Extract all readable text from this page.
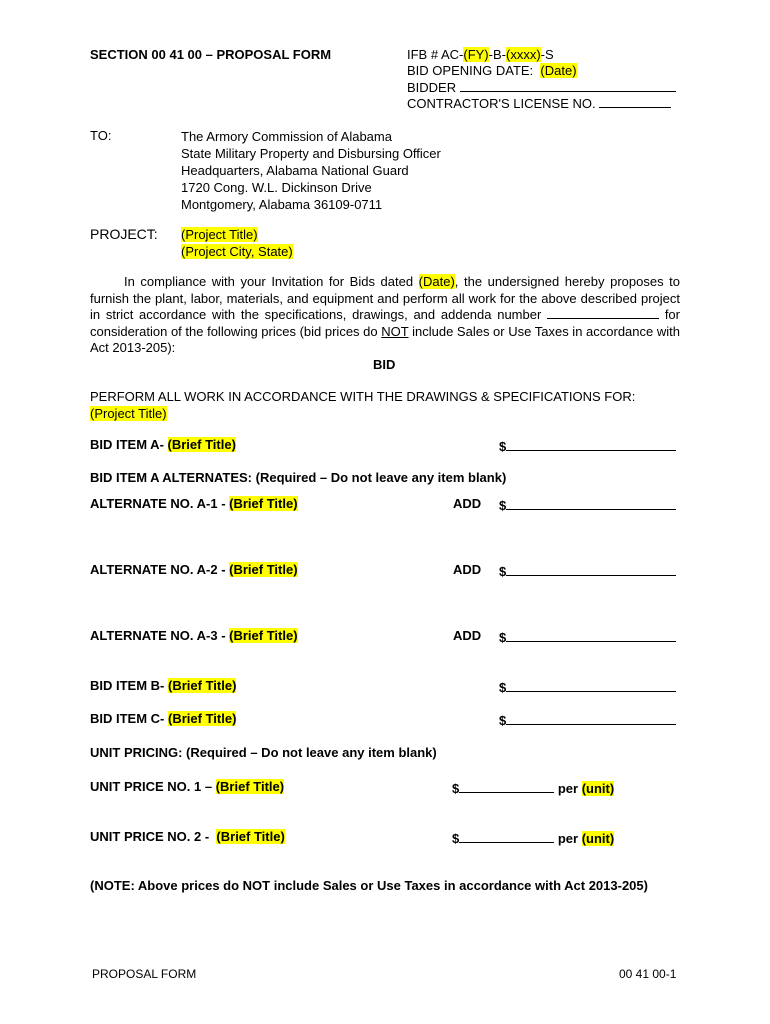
SECTION 00 41 00 – PROPOSAL FORM	IFB # AC-(FY)-B-(xxxx)-S
BID OPENING DATE: (Date)
BIDDER
CONTRACTOR'S LICENSE NO.
TO:	The Armory Commission of Alabama
State Military Property and Disbursing Officer
Headquarters, Alabama National Guard
1720 Cong. W.L. Dickinson Drive
Montgomery, Alabama 36109-0711
PROJECT: (Project Title)
(Project City, State)
In compliance with your Invitation for Bids dated (Date), the undersigned hereby proposes to furnish the plant, labor, materials, and equipment and perform all work for the above described project in strict accordance with the specifications, drawings, and addenda number	for consideration of the following prices (bid prices do NOT include Sales or Use Taxes in accordance with Act 2013-205):
BID
PERFORM ALL WORK IN ACCORDANCE WITH THE DRAWINGS & SPECIFICATIONS FOR:
(Project Title)
BID ITEM A- (Brief Title)	$
BID ITEM A ALTERNATES: (Required – Do not leave any item blank)
ALTERNATE NO. A-1 - (Brief Title)	ADD $
ALTERNATE NO. A-2 - (Brief Title)	ADD $
ALTERNATE NO. A-3 - (Brief Title)	ADD $
BID ITEM B- (Brief Title)	$
BID ITEM C- (Brief Title)	$
UNIT PRICING: (Required – Do not leave any item blank)
UNIT PRICE NO. 1 – (Brief Title)	$	per (unit)
UNIT PRICE NO. 2 - (Brief Title)	$	per (unit)
(NOTE: Above prices do NOT include Sales or Use Taxes in accordance with Act 2013-205)
PROPOSAL FORM	00 41 00-1
